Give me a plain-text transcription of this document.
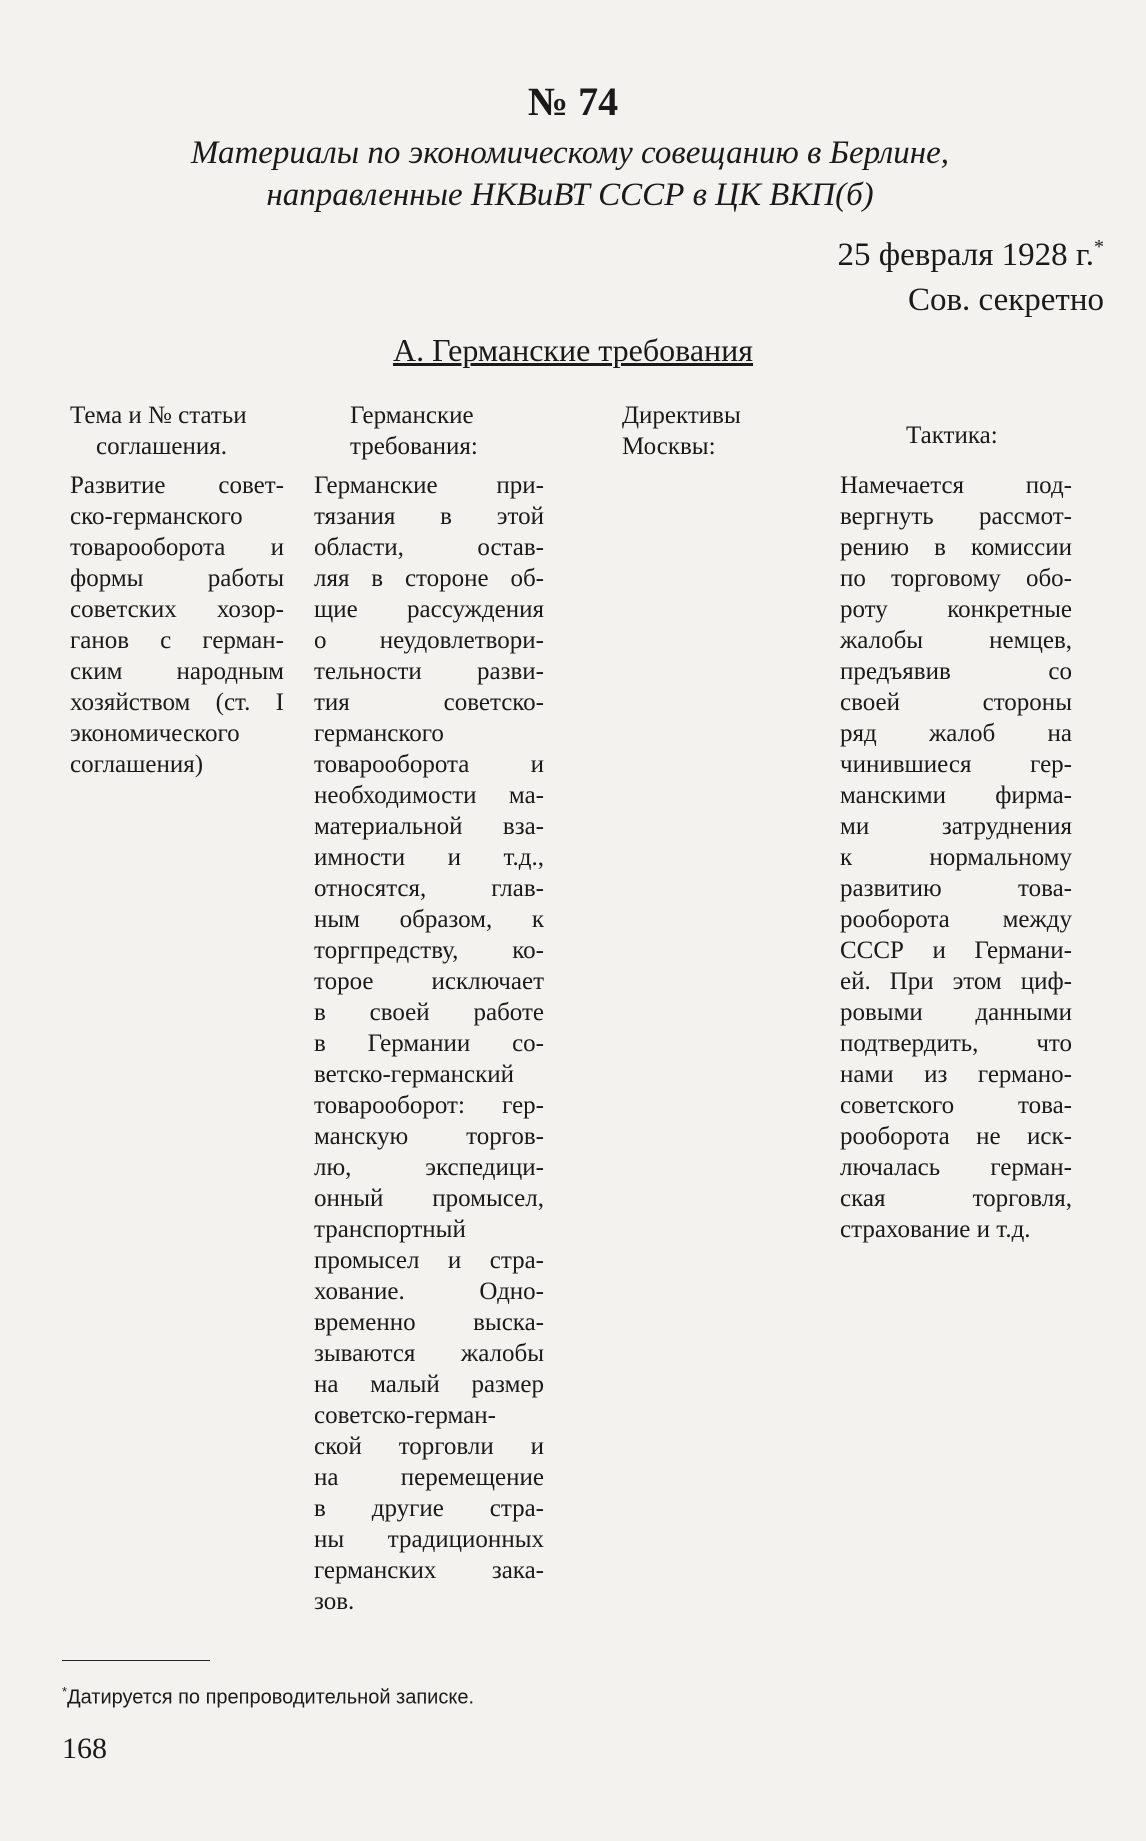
№ 74
Материалы по экономическому совещанию в Берлине,
направленные НКВиВТ СССР в ЦК ВКП(б)
25 февраля 1928 г.*
Сов. секретно
А. Германские требования
Тема и № статьи
соглашения.
Германские
требования:
Директивы
Москвы:	Тактика:
Развитие совет-
ско-германского
товарооборота и
формы работы
советских хозор-
ганов с герман-
ским народным
хозяйством (ст. I
экономического
соглашения)
Германские при-
тязания в этой
области, остав-
ляя в стороне об-
щие рассуждения
о неудовлетвори-
тельности разви-
тия советско-
германского
товарооборота и
необходимости ма-
материальной вза-
имности и т.д.,
относятся, глав-
ным образом, к
торгпредству, ко-
торое исключает
в своей работе
в Германии со-
ветско-германский
товарооборот: гер-
манскую торгов-
лю, экспедици-
онный промысел,
транспортный
промысел и стра-
хование. Одно-
временно выска-
зываются жалобы
на малый размер
советско-герман-
ской торговли и
на перемещение
в другие стра-
ны традиционных
германских зака-
зов.
Намечается под-
вергнуть рассмот-
рению в комиссии
по торговому обо-
роту конкретные
жалобы немцев,
предъявив со
своей стороны
ряд жалоб на
чинившиеся гер-
манскими фирма-
ми затруднения
к нормальному
развитию това-
рооборота между
СССР и Германи-
ей. При этом циф-
ровыми данными
подтвердить, что
нами из германо-
советского това-
рооборота не иск-
лючалась герман-
ская торговля,
страхование и т.д.
*Датируется по препроводительной записке.
168
